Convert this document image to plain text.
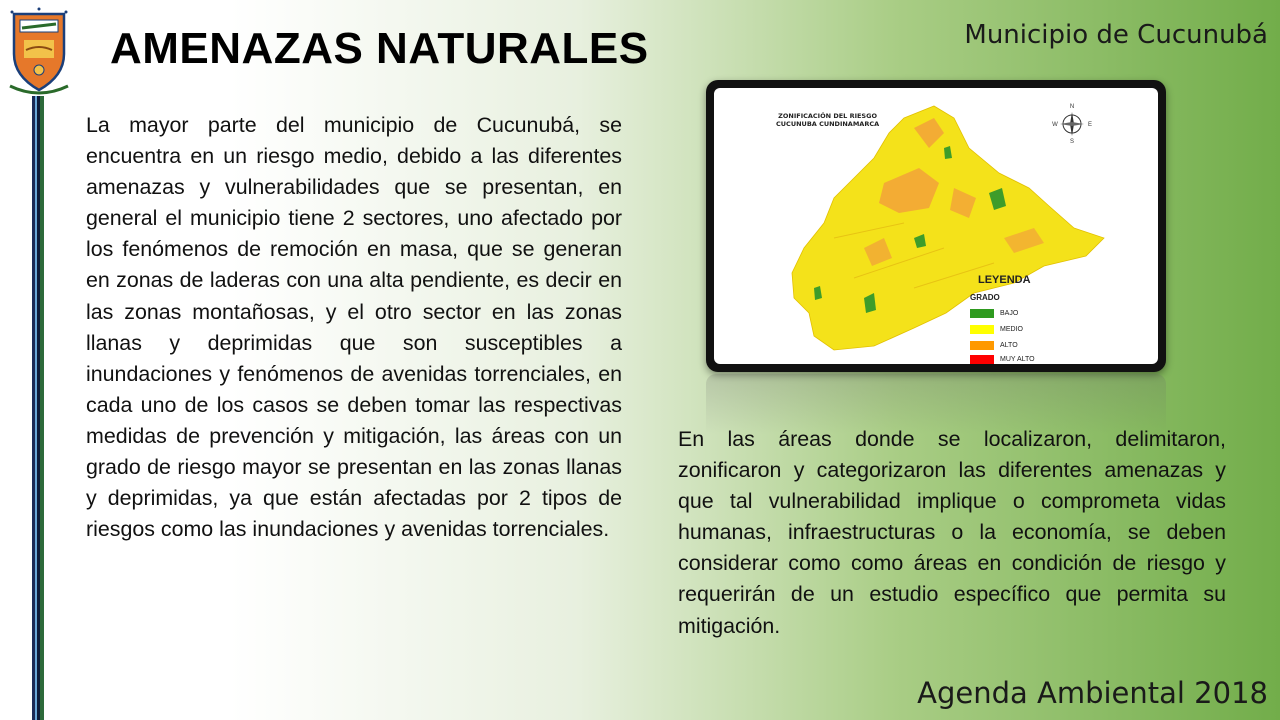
AMENAZAS NATURALES	Municipio de Cucunubá

La mayor parte del municipio de Cucunubá, se encuentra en un riesgo medio, debido a las diferentes amenazas y vulnerabilidades que se presentan, en general el municipio tiene 2 sectores, uno afectado por los fenómenos de remoción en masa, que se generan en zonas de laderas con una alta pendiente, es decir en las zonas montañosas, y el otro sector en las zonas llanas y deprimidas que son susceptibles a inundaciones y fenómenos de avenidas torrenciales, en cada uno de los casos se deben tomar las respectivas medidas de prevención y mitigación, las áreas con un grado de riesgo mayor se presentan en las zonas llanas y deprimidas, ya que están afectadas por 2 tipos de riesgos como las inundaciones y avenidas torrenciales.

ZONIFICACIÓN DEL RIESGO
CUCUNUBA CUNDINAMARCA
N
S
E
W
LEYENDA
GRADO
BAJO
MEDIO
ALTO
MUY ALTO

En las áreas donde se localizaron, delimitaron, zonificaron y categorizaron las diferentes amenazas y que tal vulnerabilidad implique o comprometa vidas humanas, infraestructuras o la economía, se deben considerar como como áreas en condición de riesgo y requerirán de un estudio específico que permita su mitigación.

Agenda Ambiental 2018
